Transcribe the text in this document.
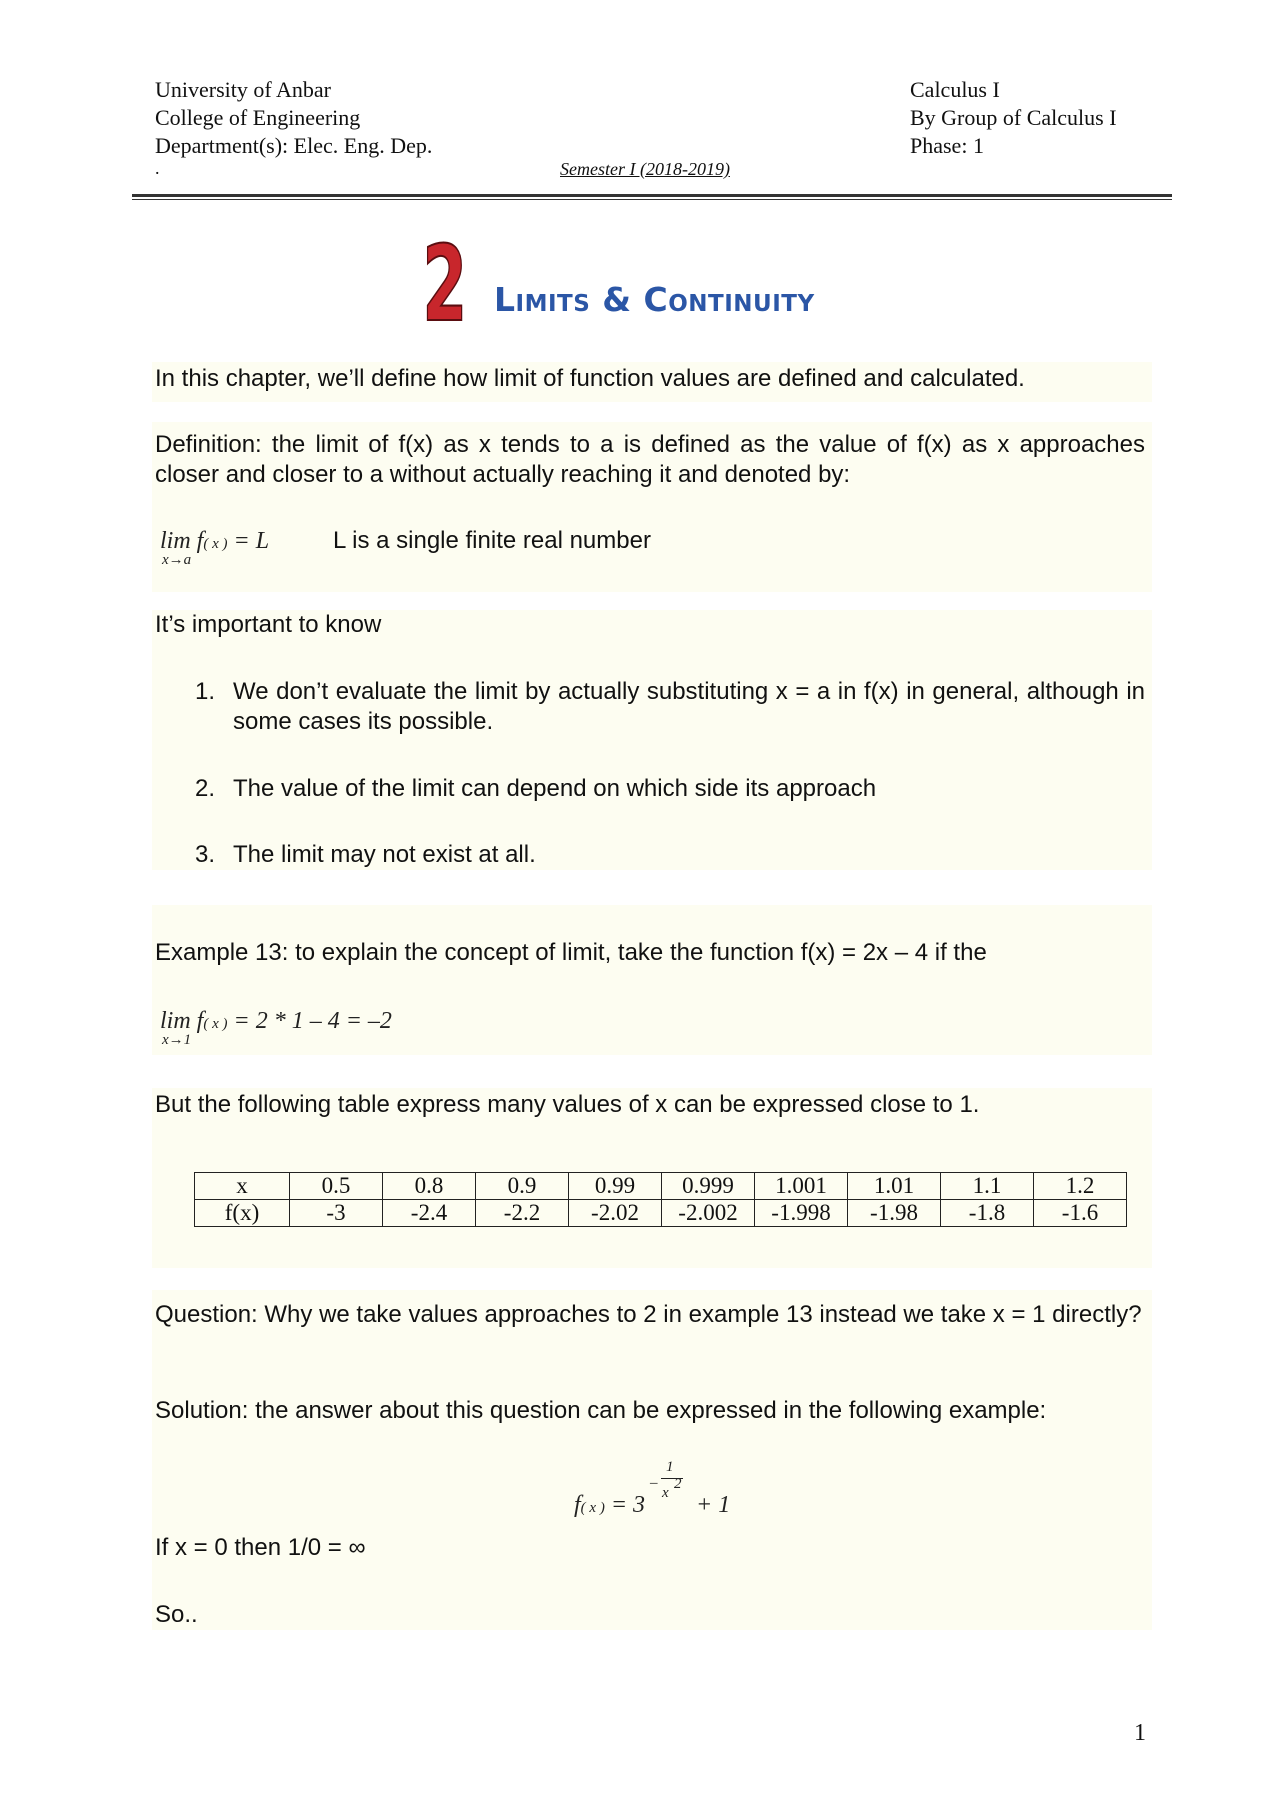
University of Anbar
College of Engineering
Department(s): Elec. Eng. Dep.
Calculus I
By Group of Calculus I
Phase: 1
.	Semester I (2018-2019)
2 Limits & Continuity
In this chapter, we’ll define how limit of function values are defined and calculated.
Definition: the limit of f(x) as x tends to a is defined as the value of f(x) as x approaches closer and closer to a without actually reaching it and denoted by:
lim f( x ) = L
x→a
L is a single finite real number
It’s important to know
1. We don’t evaluate the limit by actually substituting x = a in f(x) in general, although in some cases its possible.
2. The value of the limit can depend on which side its approach
3. The limit may not exist at all.
Example 13: to explain the concept of limit, take the function f(x) = 2x – 4 if the
lim f( x ) = 2 * 1 – 4 = –2
x→1
But the following table express many values of x can be expressed close to 1.
x	0.5	0.8	0.9	0.99	0.999	1.001	1.01	1.1	1.2
f(x)	-3	-2.4	-2.2	-2.02	-2.002	-1.998	-1.98	-1.8	-1.6
Question: Why we take values approaches to 2 in example 13 instead we take x = 1 directly?
Solution: the answer about this question can be expressed in the following example:
f( x ) = 3
–
1
x
2
+ 1
If x = 0 then 1/0 = ∞
So..
1
